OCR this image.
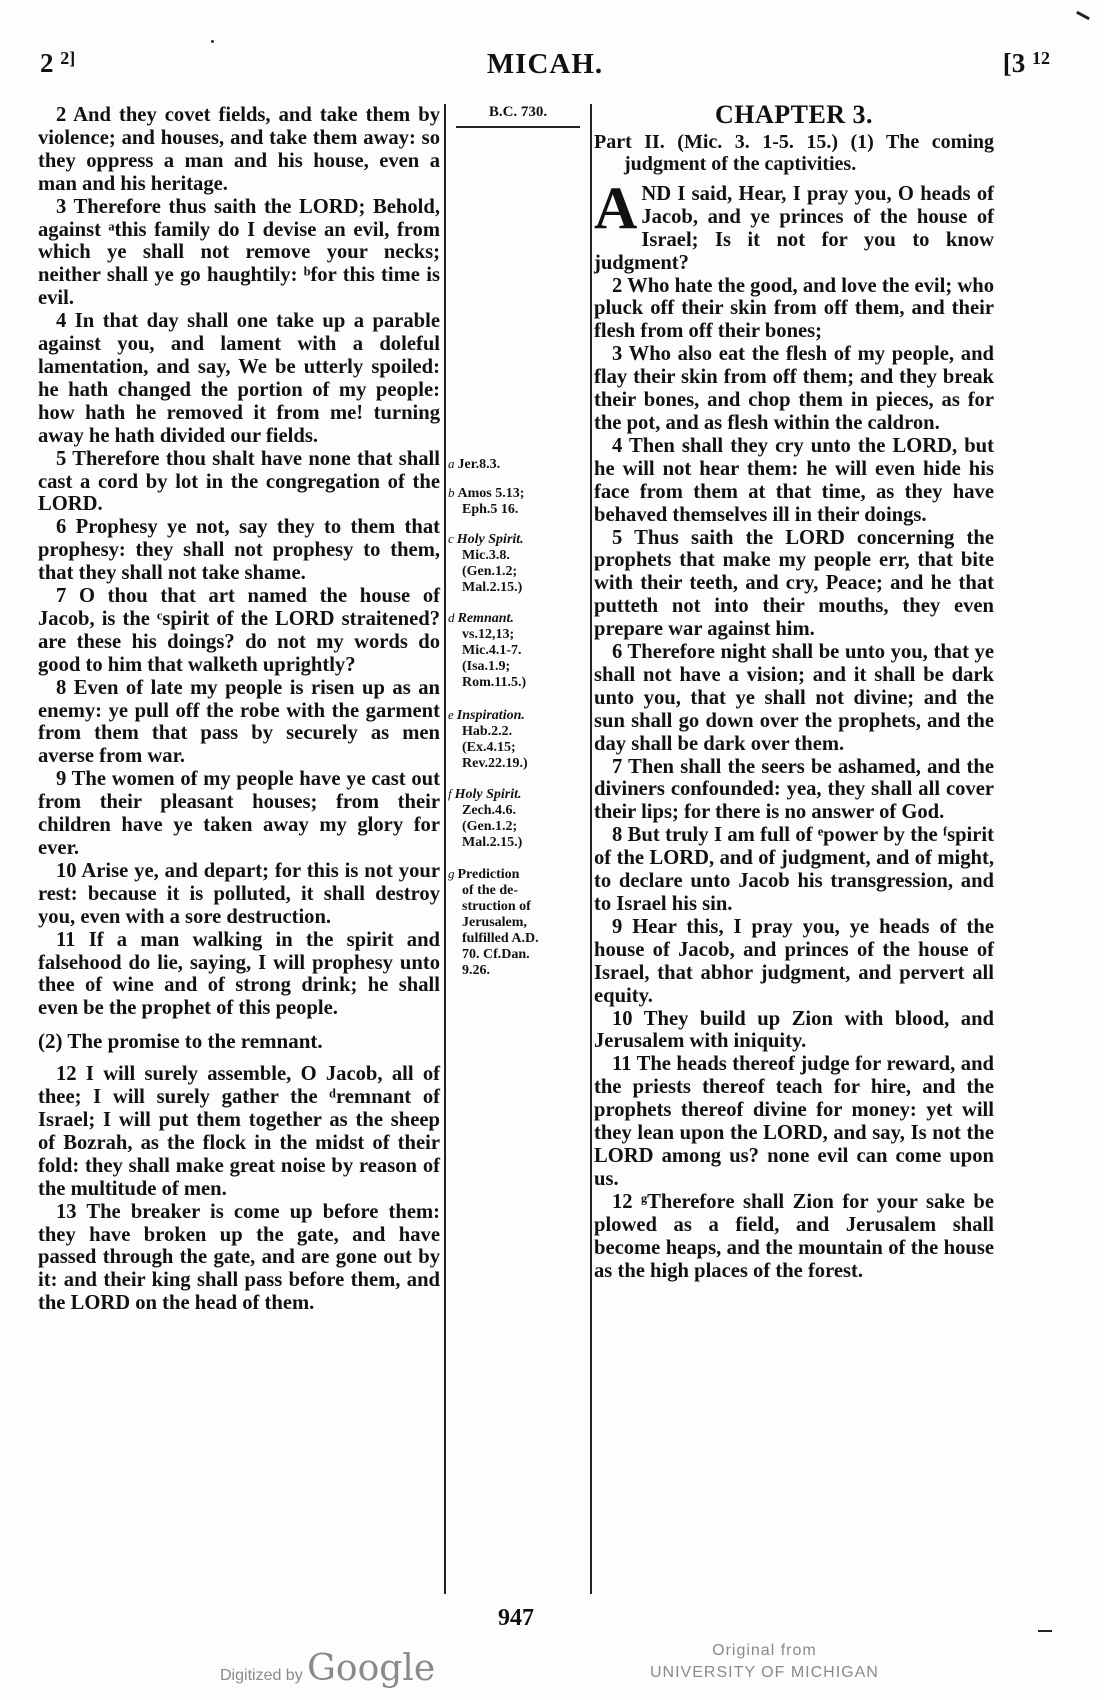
2 $^{2]}$	MICAH.	[3 $^{12}$

2 And they covet fields, and take them by violence; and houses, and take them away: so they oppress a man and his house, even a man and his heritage.

3 Therefore thus saith the LORD; Behold, against ᵃthis family do I devise an evil, from which ye shall not remove your necks; neither shall ye go haughtily: ᵇfor this time is evil.

4 In that day shall one take up a parable against you, and lament with a doleful lamentation, and say, We be utterly spoiled: he hath changed the portion of my people: how hath he removed it from me! turning away he hath divided our fields.

5 Therefore thou shalt have none that shall cast a cord by lot in the congregation of the LORD.

6 Prophesy ye not, say they to them that prophesy: they shall not prophesy to them, that they shall not take shame.

7 O thou that art named the house of Jacob, is the ᶜspirit of the LORD straitened? are these his doings? do not my words do good to him that walketh uprightly?

8 Even of late my people is risen up as an enemy: ye pull off the robe with the garment from them that pass by securely as men averse from war.

9 The women of my people have ye cast out from their pleasant houses; from their children have ye taken away my glory for ever.

10 Arise ye, and depart; for this is not your rest: because it is polluted, it shall destroy you, even with a sore destruction.

11 If a man walking in the spirit and falsehood do lie, saying, I will prophesy unto thee of wine and of strong drink; he shall even be the prophet of this people.

(2) The promise to the remnant.

12 I will surely assemble, O Jacob, all of thee; I will surely gather the ᵈremnant of Israel; I will put them together as the sheep of Bozrah, as the flock in the midst of their fold: they shall make great noise by reason of the multitude of men.

13 The breaker is come up before them: they have broken up the gate, and have passed through the gate, and are gone out by it: and their king shall pass before them, and the LORD on the head of them.

B.C. 730.
a Jer.8.3.
b Amos 5.13;
Eph.5 16.
c Holy Spirit.
Mic.3.8.
(Gen.1.2;
Mal.2.15.)
d Remnant.
vs.12,13;
Mic.4.1-7.
(Isa.1.9;
Rom.11.5.)
e Inspiration.
Hab.2.2.
(Ex.4.15;
Rev.22.19.)
f Holy Spirit.
Zech.4.6.
(Gen.1.2;
Mal.2.15.)
g Prediction
of the de-
struction of
Jerusalem,
fulfilled A.D.
70. Cf.Dan.
9.26.
CHAPTER 3.
Part II. (Mic. 3. 1-5. 15.) (1) The coming judgment of the captivities.

AND I said, Hear, I pray you, O heads of Jacob, and ye princes of the house of Israel; Is it not for you to know judgment?

2 Who hate the good, and love the evil; who pluck off their skin from off them, and their flesh from off their bones;

3 Who also eat the flesh of my people, and flay their skin from off them; and they break their bones, and chop them in pieces, as for the pot, and as flesh within the caldron.

4 Then shall they cry unto the LORD, but he will not hear them: he will even hide his face from them at that time, as they have behaved themselves ill in their doings.

5 Thus saith the LORD concerning the prophets that make my people err, that bite with their teeth, and cry, Peace; and he that putteth not into their mouths, they even prepare war against him.

6 Therefore night shall be unto you, that ye shall not have a vision; and it shall be dark unto you, that ye shall not divine; and the sun shall go down over the prophets, and the day shall be dark over them.

7 Then shall the seers be ashamed, and the diviners confounded: yea, they shall all cover their lips; for there is no answer of God.

8 But truly I am full of ᵉpower by the ᶠspirit of the LORD, and of judgment, and of might, to declare unto Jacob his transgression, and to Israel his sin.

9 Hear this, I pray you, ye heads of the house of Jacob, and princes of the house of Israel, that abhor judgment, and pervert all equity.

10 They build up Zion with blood, and Jerusalem with iniquity.

11 The heads thereof judge for reward, and the priests thereof teach for hire, and the prophets thereof divine for money: yet will they lean upon the LORD, and say, Is not the LORD among us? none evil can come upon us.

12 ᵍTherefore shall Zion for your sake be plowed as a field, and Jerusalem shall become heaps, and the mountain of the house as the high places of the forest.

947
Digitized by Google	Original from
UNIVERSITY OF MICHIGAN
